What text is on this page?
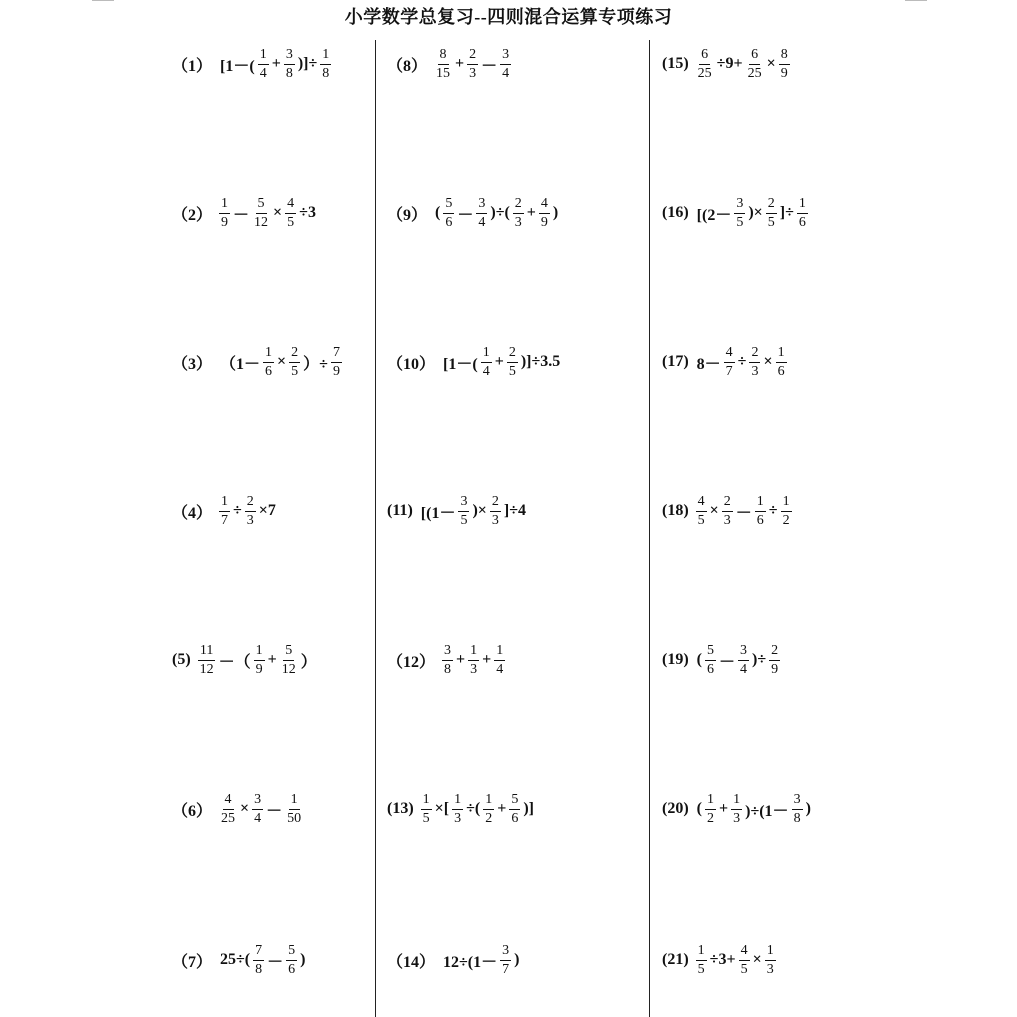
小学数学总复习--四则混合运算专项练习
（1） [$1-( \frac{1}{4} + \frac{3}{8}$ )]÷ $\frac{1}{8}$
$(2) \frac{1}{9} - \frac{5}{12} \times \frac{4}{5} \div 3$
（3） （$1- \frac{1}{6} \times \frac{2}{5}$ ）÷ $\frac{7}{9}$
$(4) \frac{1}{7} \div \frac{2}{3} \times 7$
$(5) \frac{11}{12}$ －（ $\frac{1}{9} + \frac{5}{12}$ ）
$(6) \frac{4}{25} \times \frac{3}{4} - \frac{1}{50}$
（7） $25\div( \frac{7}{8} - \frac{5}{6}$ )
$(8) \frac{8}{15} + \frac{2}{3} - \frac{3}{4}$
（9） ( $\frac{5}{6} - \frac{3}{4}$ )÷( $\frac{2}{3} + \frac{4}{9}$ )
（10） $[1-( \frac{1}{4} + \frac{2}{5} )]\div 3.5$
(11) [($1- \frac{3}{5}$ )× $\frac{2}{3} ]\div 4$
$(12) \frac{3}{8} + \frac{1}{3} + \frac{1}{4}$
$(13) \frac{1}{5}$ ×[ $\frac{1}{3}$ ÷( $\frac{1}{2} + \frac{5}{6}$ )]
（14） $12\div(1- \frac{3}{7}$ )
$(15) \frac{6}{25} \div 9+ \frac{6}{25} \times \frac{8}{9}$
(16) [($2- \frac{3}{5}$ )× $\frac{2}{5}$ ]÷ $\frac{1}{6}$
(17) $8- \frac{4}{7} \div \frac{2}{3} \times \frac{1}{6}$
$(18) \frac{4}{5} \times \frac{2}{3} - \frac{1}{6} \div \frac{1}{2}$
(19) ( $\frac{5}{6} - \frac{3}{4}$ )÷ $\frac{2}{9}$
(20) ( $\frac{1}{2} + \frac{1}{3} )\div(1- \frac{3}{8}$ )
$(21) \frac{1}{5} \div 3+ \frac{4}{5} \times \frac{1}{3}$
